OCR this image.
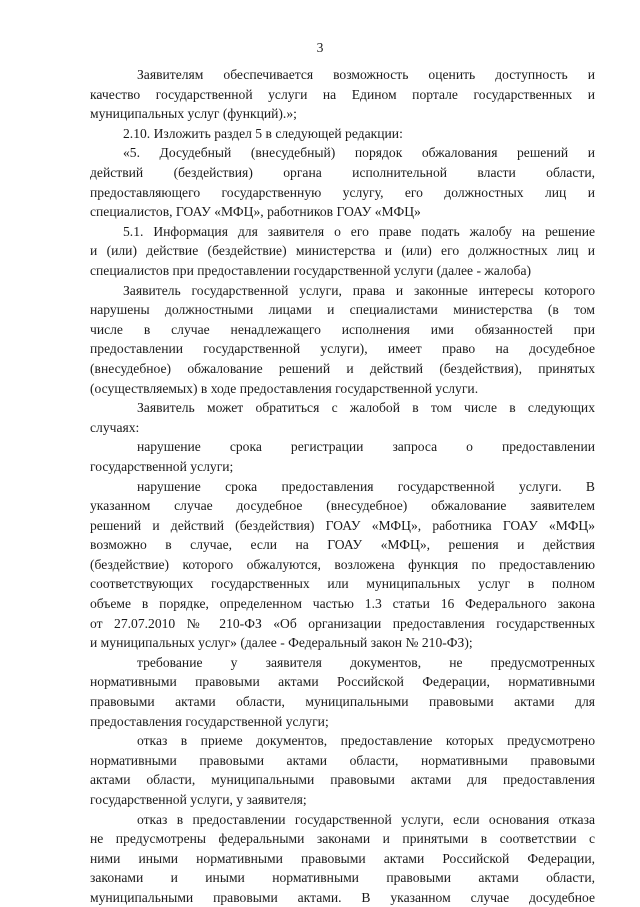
3
Заявителям обеспечивается возможность оценить доступность и
качество государственной услуги на Едином портале государственных и
муниципальных услуг (функций).»;
2.10. Изложить раздел 5 в следующей редакции:
«5. Досудебный (внесудебный) порядок обжалования решений и
действий (бездействия) органа исполнительной власти области,
предоставляющего государственную услугу, его должностных лиц и
специалистов, ГОАУ «МФЦ», работников ГОАУ «МФЦ»
5.1. Информация для заявителя о его праве подать жалобу на решение
и (или) действие (бездействие) министерства и (или) его должностных лиц и
специалистов при предоставлении государственной услуги (далее - жалоба)
Заявитель государственной услуги, права и законные интересы которого
нарушены должностными лицами и специалистами министерства (в том
числе в случае ненадлежащего исполнения ими обязанностей при
предоставлении государственной услуги), имеет право на досудебное
(внесудебное) обжалование решений и действий (бездействия), принятых
(осуществляемых) в ходе предоставления государственной услуги.
Заявитель может обратиться с жалобой в том числе в следующих
случаях:
нарушение срока регистрации запроса о предоставлении
государственной услуги;
нарушение срока предоставления государственной услуги. В
указанном случае досудебное (внесудебное) обжалование заявителем
решений и действий (бездействия) ГОАУ «МФЦ», работника ГОАУ «МФЦ»
возможно в случае, если на ГОАУ «МФЦ», решения и действия
(бездействие) которого обжалуются, возложена функция по предоставлению
соответствующих государственных или муниципальных услуг в полном
объеме в порядке, определенном частью 1.3 статьи 16 Федерального закона
от 27.07.2010 № 210-ФЗ «Об организации предоставления государственных
и муниципальных услуг» (далее - Федеральный закон № 210-ФЗ);
требование у заявителя документов, не предусмотренных
нормативными правовыми актами Российской Федерации, нормативными
правовыми актами области, муниципальными правовыми актами для
предоставления государственной услуги;
отказ в приеме документов, предоставление которых предусмотрено
нормативными правовыми актами области, нормативными правовыми
актами области, муниципальными правовыми актами для предоставления
государственной услуги, у заявителя;
отказ в предоставлении государственной услуги, если основания отказа
не предусмотрены федеральными законами и принятыми в соответствии с
ними иными нормативными правовыми актами Российской Федерации,
законами и иными нормативными правовыми актами области,
муниципальными правовыми актами. В указанном случае досудебное
